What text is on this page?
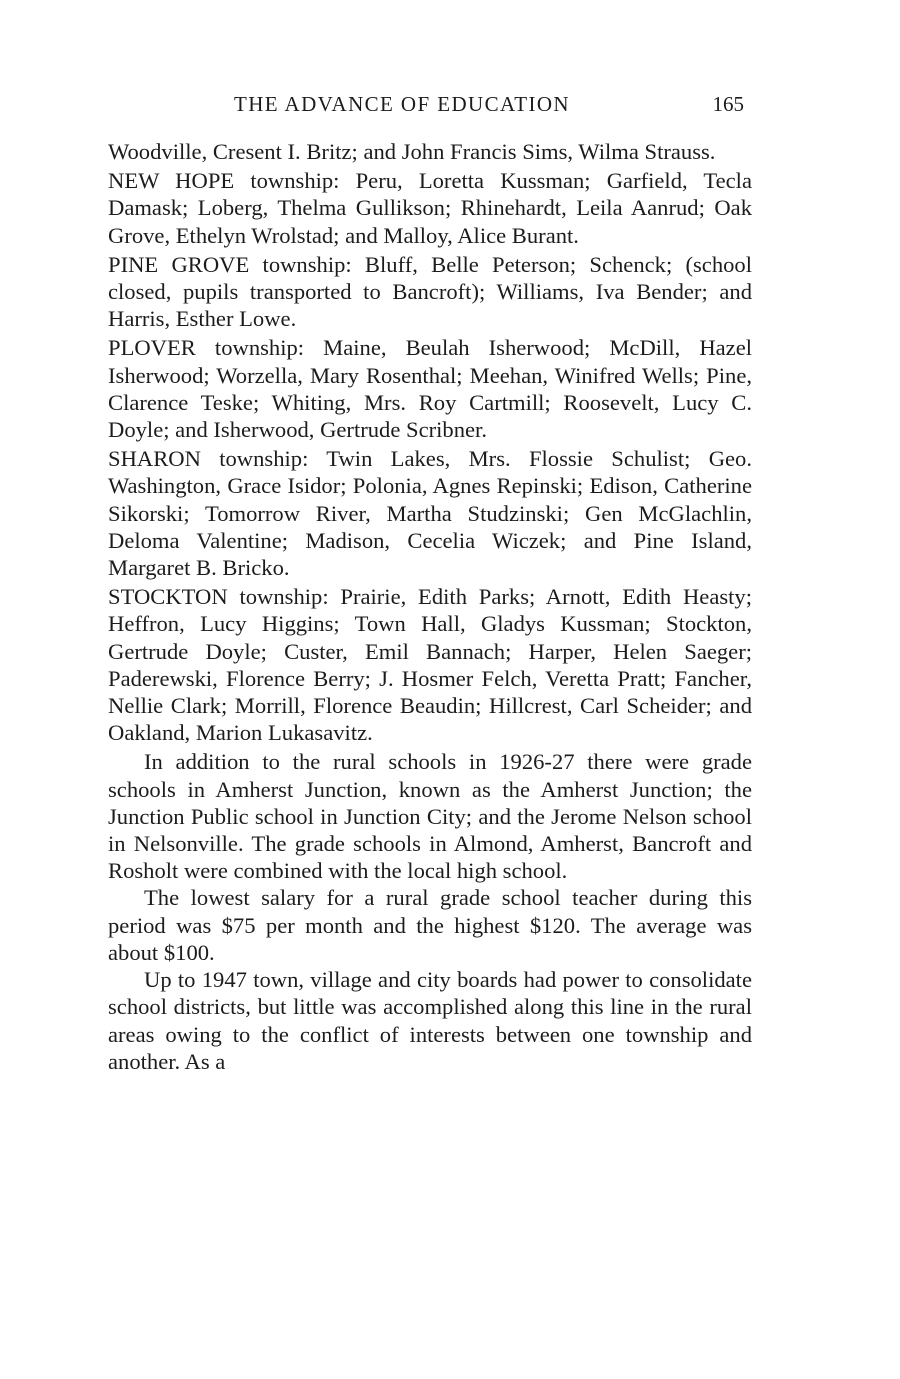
THE ADVANCE OF EDUCATION	165

Woodville, Cresent I. Britz; and John Francis Sims, Wilma Strauss.

NEW HOPE township: Peru, Loretta Kussman; Garfield, Tecla Damask; Loberg, Thelma Gullikson; Rhinehardt, Leila Aanrud; Oak Grove, Ethelyn Wrolstad; and Malloy, Alice Burant.

PINE GROVE township: Bluff, Belle Peterson; Schenck; (school closed, pupils transported to Bancroft); Williams, Iva Bender; and Harris, Esther Lowe.

PLOVER township: Maine, Beulah Isherwood; McDill, Hazel Isherwood; Worzella, Mary Rosenthal; Meehan, Winifred Wells; Pine, Clarence Teske; Whiting, Mrs. Roy Cartmill; Roosevelt, Lucy C. Doyle; and Isherwood, Gertrude Scribner.

SHARON township: Twin Lakes, Mrs. Flossie Schulist; Geo. Washington, Grace Isidor; Polonia, Agnes Repinski; Edison, Catherine Sikorski; Tomorrow River, Martha Studzinski; Gen McGlachlin, Deloma Valentine; Madison, Cecelia Wiczek; and Pine Island, Margaret B. Bricko.

STOCKTON township: Prairie, Edith Parks; Arnott, Edith Heasty; Heffron, Lucy Higgins; Town Hall, Gladys Kussman; Stockton, Gertrude Doyle; Custer, Emil Bannach; Harper, Helen Saeger; Paderewski, Florence Berry; J. Hosmer Felch, Veretta Pratt; Fancher, Nellie Clark; Morrill, Florence Beaudin; Hillcrest, Carl Scheider; and Oakland, Marion Lukasavitz.

In addition to the rural schools in 1926-27 there were grade schools in Amherst Junction, known as the Amherst Junction; the Junction Public school in Junction City; and the Jerome Nelson school in Nelsonville. The grade schools in Almond, Amherst, Bancroft and Rosholt were combined with the local high school.

The lowest salary for a rural grade school teacher during this period was $75 per month and the highest $120. The average was about $100.

Up to 1947 town, village and city boards had power to consolidate school districts, but little was accomplished along this line in the rural areas owing to the conflict of interests between one township and another. As a
